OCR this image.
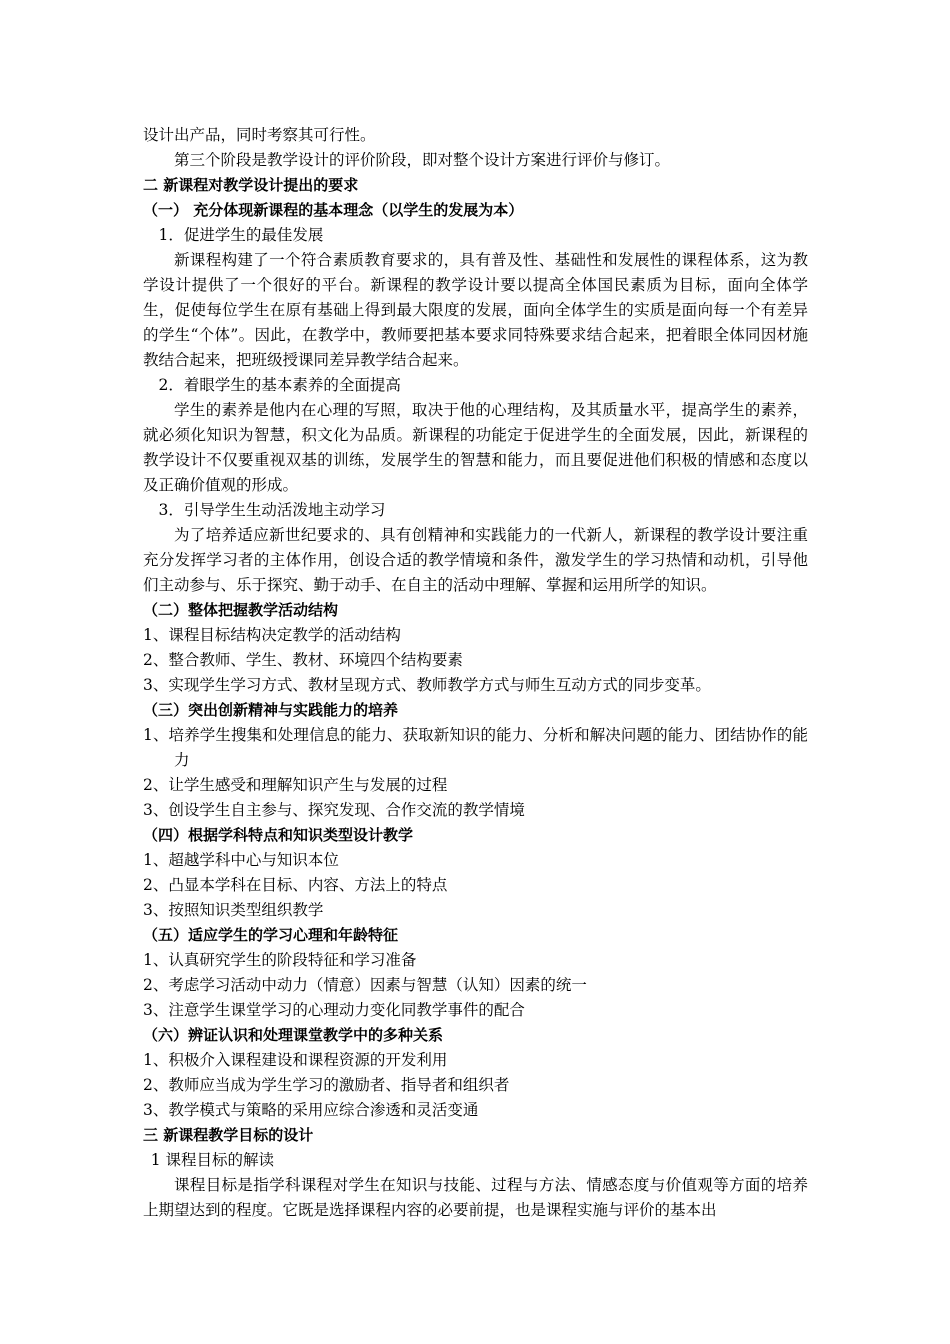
设计出产品，同时考察其可行性。

第三个阶段是教学设计的评价阶段，即对整个设计方案进行评价与修订。

二 新课程对教学设计提出的要求

（一） 充分体现新课程的基本理念（以学生的发展为本）

1．促进学生的最佳发展

新课程构建了一个符合素质教育要求的，具有普及性、基础性和发展性的课程体系，这为教学设计提供了一个很好的平台。新课程的教学设计要以提高全体国民素质为目标，面向全体学生，促使每位学生在原有基础上得到最大限度的发展，面向全体学生的实质是面向每一个有差异的学生“个体”。因此，在教学中，教师要把基本要求同特殊要求结合起来，把着眼全体同因材施教结合起来，把班级授课同差异教学结合起来。

2．着眼学生的基本素养的全面提高

学生的素养是他内在心理的写照，取决于他的心理结构，及其质量水平，提高学生的素养，就必须化知识为智慧，积文化为品质。新课程的功能定于促进学生的全面发展，因此，新课程的教学设计不仅要重视双基的训练，发展学生的智慧和能力，而且要促进他们积极的情感和态度以及正确价值观的形成。

3．引导学生生动活泼地主动学习

为了培养适应新世纪要求的、具有创精神和实践能力的一代新人，新课程的教学设计要注重充分发挥学习者的主体作用，创设合适的教学情境和条件，激发学生的学习热情和动机，引导他们主动参与、乐于探究、勤于动手、在自主的活动中理解、掌握和运用所学的知识。

（二）整体把握教学活动结构

1、课程目标结构决定教学的活动结构

2、整合教师、学生、教材、环境四个结构要素

3、实现学生学习方式、教材呈现方式、教师教学方式与师生互动方式的同步变革。

（三）突出创新精神与实践能力的培养

1、培养学生搜集和处理信息的能力、获取新知识的能力、分析和解决问题的能力、团结协作的能力

2、让学生感受和理解知识产生与发展的过程

3、创设学生自主参与、探究发现、合作交流的教学情境

（四）根据学科特点和知识类型设计教学

1、超越学科中心与知识本位

2、凸显本学科在目标、内容、方法上的特点

3、按照知识类型组织教学

（五）适应学生的学习心理和年龄特征

1、认真研究学生的阶段特征和学习准备

2、考虑学习活动中动力（情意）因素与智慧（认知）因素的统一

3、注意学生课堂学习的心理动力变化同教学事件的配合

（六）辨证认识和处理课堂教学中的多种关系

1、积极介入课程建设和课程资源的开发利用

2、教师应当成为学生学习的激励者、指导者和组织者

3、教学模式与策略的采用应综合渗透和灵活变通

三 新课程教学目标的设计

1 课程目标的解读

课程目标是指学科课程对学生在知识与技能、过程与方法、情感态度与价值观等方面的培养上期望达到的程度。它既是选择课程内容的必要前提，也是课程实施与评价的基本出
